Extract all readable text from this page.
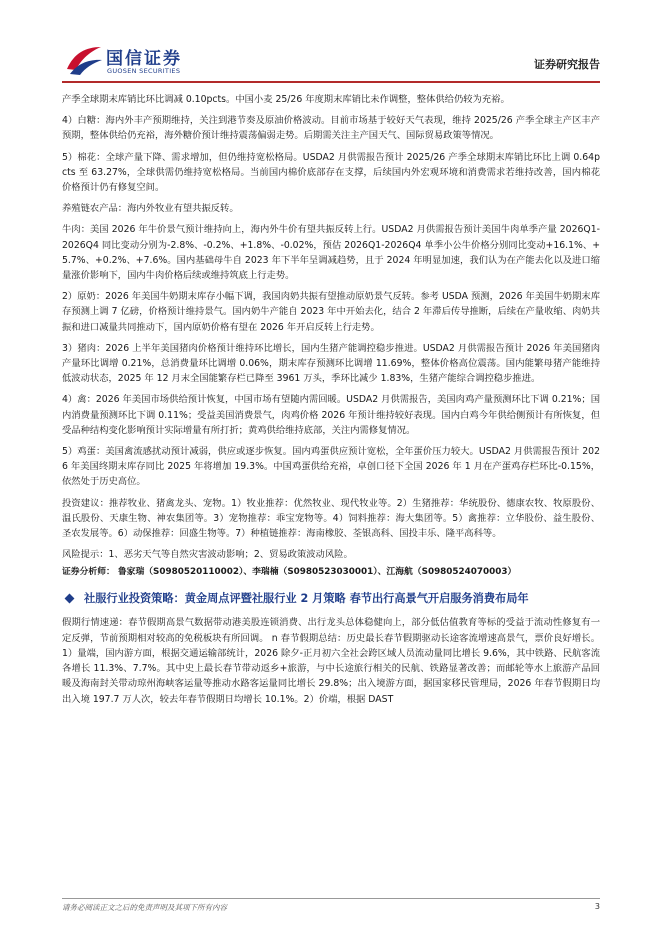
国信证券
GUOSEN SECURITIES	证券研究报告

产季全球期末库销比环比调减 0.10pcts。中国小麦 25/26 年度期末库销比未作调整，整体供给仍较为充裕。

4）白糖：海内外丰产预期维持，关注到港节奏及原油价格波动。目前市场基于较好天气表现，维持 2025/26 产季全球主产区丰产预期，整体供给仍充裕，海外糖价预计维持震荡偏弱走势。后期需关注主产国天气、国际贸易政策等情况。

5）棉花：全球产量下降、需求增加，但仍维持宽松格局。USDA2 月供需报告预计 2025/26 产季全球期末库销比环比上调 0.64pcts 至 63.27%，全球供需仍维持宽松格局。当前国内棉价底部存在支撑，后续国内外宏观环境和消费需求若维持改善，国内棉花价格预计仍有修复空间。

养殖链农产品：海内外牧业有望共振反转。

牛肉：美国 2026 年牛价景气预计维持向上，海内外牛价有望共振反转上行。USDA2 月供需报告预计美国牛肉单季产量 2026Q1-2026Q4 同比变动分别为-2.8%、-0.2%、+1.8%、-0.02%，预估 2026Q1-2026Q4 单季小公牛价格分别同比变动+16.1%、+5.7%、+0.2%、+7.6%。国内基础母牛自 2023 年下半年呈调减趋势，且于 2024 年明显加速，我们认为在产能去化以及进口缩量涨价影响下，国内牛肉价格后续或维持筑底上行走势。

2）原奶：2026 年美国牛奶期末库存小幅下调，我国肉奶共振有望推动原奶景气反转。参考 USDA 预测，2026 年美国牛奶期末库存预测上调 7 亿磅，价格预计维持景气。国内奶牛产能自 2023 年中开始去化，结合 2 年滞后传导推断，后续在产量收缩、肉奶共振和进口减量共同推动下，国内原奶价格有望在 2026 年开启反转上行走势。

3）猪肉：2026 上半年美国猪肉价格预计维持环比增长，国内生猪产能调控稳步推进。USDA2 月供需报告预计 2026 年美国猪肉产量环比调增 0.21%，总消费量环比调增 0.06%，期末库存预测环比调增 11.69%，整体价格高位震荡。国内能繁母猪产能维持低波动状态，2025 年 12 月末全国能繁存栏已降至 3961 万头，季环比减少 1.83%，生猪产能综合调控稳步推进。

4）禽：2026 年美国市场供给预计恢复，中国市场有望随内需回暖。USDA2 月供需报告，美国肉鸡产量预测环比下调 0.21%；国内消费量预测环比下调 0.11%；受益美国消费景气，肉鸡价格 2026 年预计维持较好表现。国内白鸡今年供给侧预计有所恢复，但受品种结构变化影响预计实际增量有所打折；黄鸡供给维持底部，关注内需修复情况。

5）鸡蛋：美国禽流感扰动预计减弱，供应或逐步恢复。国内鸡蛋供应预计宽松，全年蛋价压力较大。USDA2 月供需报告预计 2026 年美国终期末库存同比 2025 年将增加 19.3%。中国鸡蛋供给充裕，卓创口径下全国 2026 年 1 月在产蛋鸡存栏环比-0.15%，依然处于历史高位。

投资建议：推荐牧业、猪禽龙头、宠物。1）牧业推荐：优然牧业、现代牧业等。2）生猪推荐：华统股份、德康农牧、牧原股份、温氏股份、天康生物、神农集团等。3）宠物推荐：乖宝宠物等。4）饲料推荐：海大集团等。5）禽推荐：立华股份、益生股份、圣农发展等。6）动保推荐：回盛生物等。7）种植链推荐：海南橡胶、荃银高科、国投丰乐、隆平高科等。

风险提示：1、恶劣天气等自然灾害波动影响；2、贸易政策波动风险。

证券分析师： 鲁家瑞（S0980520110002）、李瑞楠（S0980523030001）、江海航（S0980524070003）
社服行业投资策略：黄金周点评暨社服行业 2 月策略 春节出行高景气开启服务消费布局年

假期行情速递：春节假期高景气数据带动港美股连锁消费、出行龙头总体稳健向上，部分低估值教育等标的受益于流动性修复有一定反弹，节前预期相对较高的免税板块有所回调。 n 春节假期总结：历史最长春节假期驱动长途客流增速高景气，票价良好增长。1）量端，国内游方面，根据交通运输部统计，2026 除夕-正月初六全社会跨区域人员流动量同比增长 9.6%，其中铁路、民航客流各增长 11.3%、7.7%。其中史上最长春节带动返乡+旅游，与中长途旅行相关的民航、铁路显著改善；而邮轮等水上旅游产品回暖及海南封关带动琼州海峡客运量等推动水路客运量同比增长 29.8%；出入境游方面，据国家移民管理局，2026 年春节假期日均出入境 197.7 万人次，较去年春节假期日均增长 10.1%。2）价端，根据 DAST

请务必阅读正文之后的免责声明及其项下所有内容	3
